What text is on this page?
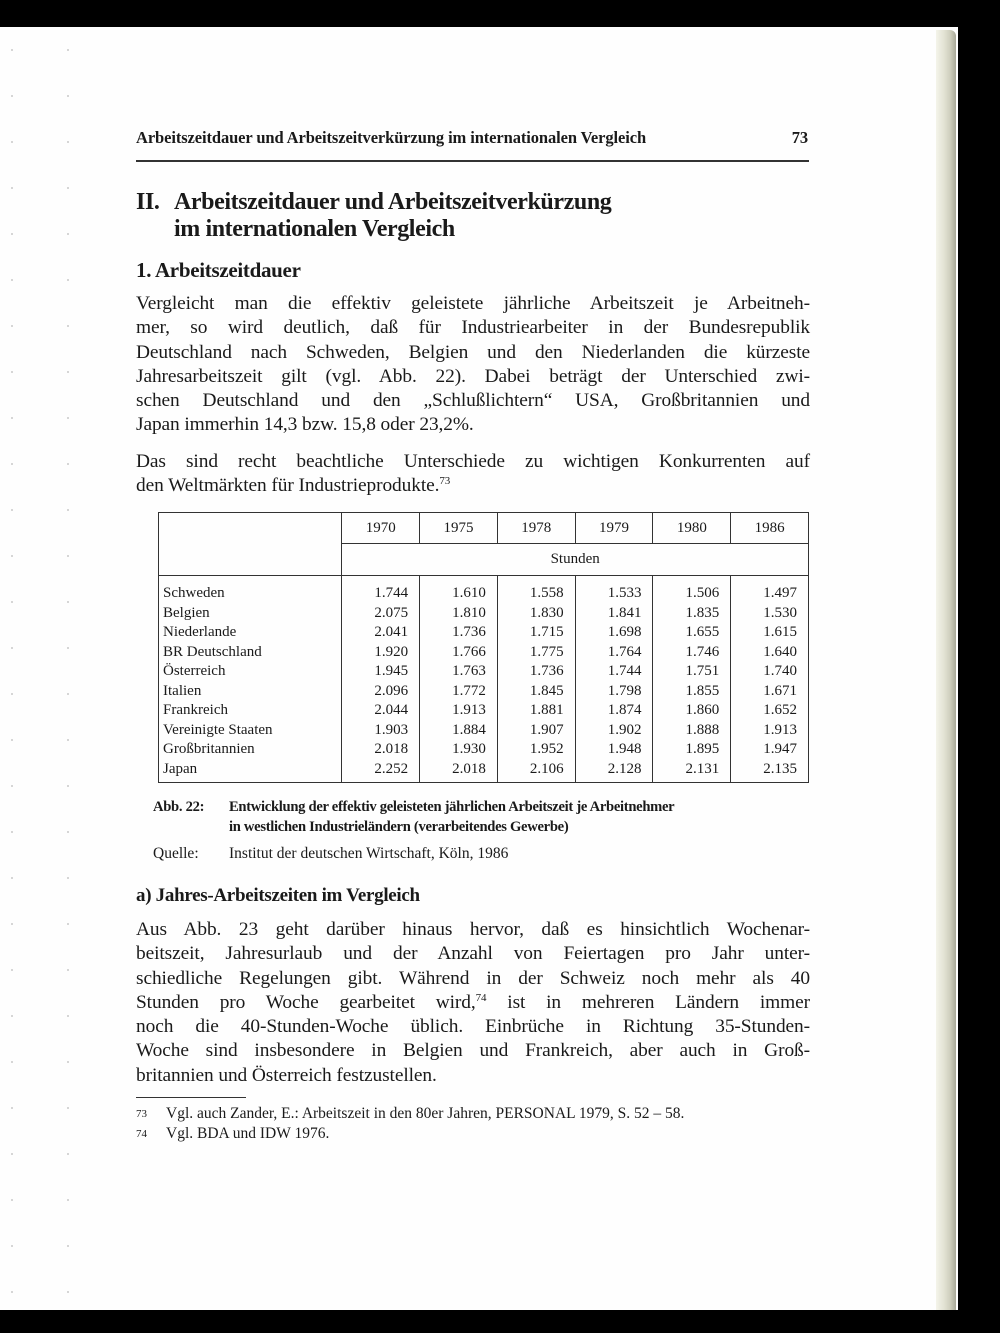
Arbeitszeitdauer und Arbeitszeitverkürzung im internationalen Vergleich	73
II. Arbeitszeitdauer und Arbeitszeitverkürzung
im internationalen Vergleich
1. Arbeitszeitdauer
Vergleicht man die effektiv geleistete jährliche Arbeitszeit je Arbeitneh-
mer, so wird deutlich, daß für Industriearbeiter in der Bundesrepublik
Deutschland nach Schweden, Belgien und den Niederlanden die kürzeste
Jahresarbeitszeit gilt (vgl. Abb. 22). Dabei beträgt der Unterschied zwi-
schen Deutschland und den „Schlußlichtern“ USA, Großbritannien und
Japan immerhin 14,3 bzw. 15,8 oder 23,2%.
Das sind recht beachtliche Unterschiede zu wichtigen Konkurrenten auf
den Weltmärkten für Industrieprodukte.$^{73}$
	1970	1975	1978	1979	1980	1986
	Stunden					
Schweden	1.744	1.610	1.558	1.533	1.506	1.497
Belgien	2.075	1.810	1.830	1.841	1.835	1.530
Niederlande	2.041	1.736	1.715	1.698	1.655	1.615
BR Deutschland	1.920	1.766	1.775	1.764	1.746	1.640
Österreich	1.945	1.763	1.736	1.744	1.751	1.740
Italien	2.096	1.772	1.845	1.798	1.855	1.671
Frankreich	2.044	1.913	1.881	1.874	1.860	1.652
Vereinigte Staaten	1.903	1.884	1.907	1.902	1.888	1.913
Großbritannien	2.018	1.930	1.952	1.948	1.895	1.947
Japan	2.252	2.018	2.106	2.128	2.131	2.135
Abb. 22: Entwicklung der effektiv geleisteten jährlichen Arbeitszeit je Arbeitnehmer
in westlichen Industrieländern (verarbeitendes Gewerbe)
Quelle: Institut der deutschen Wirtschaft, Köln, 1986
a) Jahres-Arbeitszeiten im Vergleich
Aus Abb. 23 geht darüber hinaus hervor, daß es hinsichtlich Wochenar-
beitszeit, Jahresurlaub und der Anzahl von Feiertagen pro Jahr unter-
schiedliche Regelungen gibt. Während in der Schweiz noch mehr als 40
Stunden pro Woche gearbeitet wird,$^{74}$ ist in mehreren Ländern immer
noch die 40-Stunden-Woche üblich. Einbrüche in Richtung 35-Stunden-
Woche sind insbesondere in Belgien und Frankreich, aber auch in Groß-
britannien und Österreich festzustellen.
73	Vgl. auch Zander, E.: Arbeitszeit in den 80er Jahren, PERSONAL 1979, S. 52 – 58.
74	Vgl. BDA und IDW 1976.
